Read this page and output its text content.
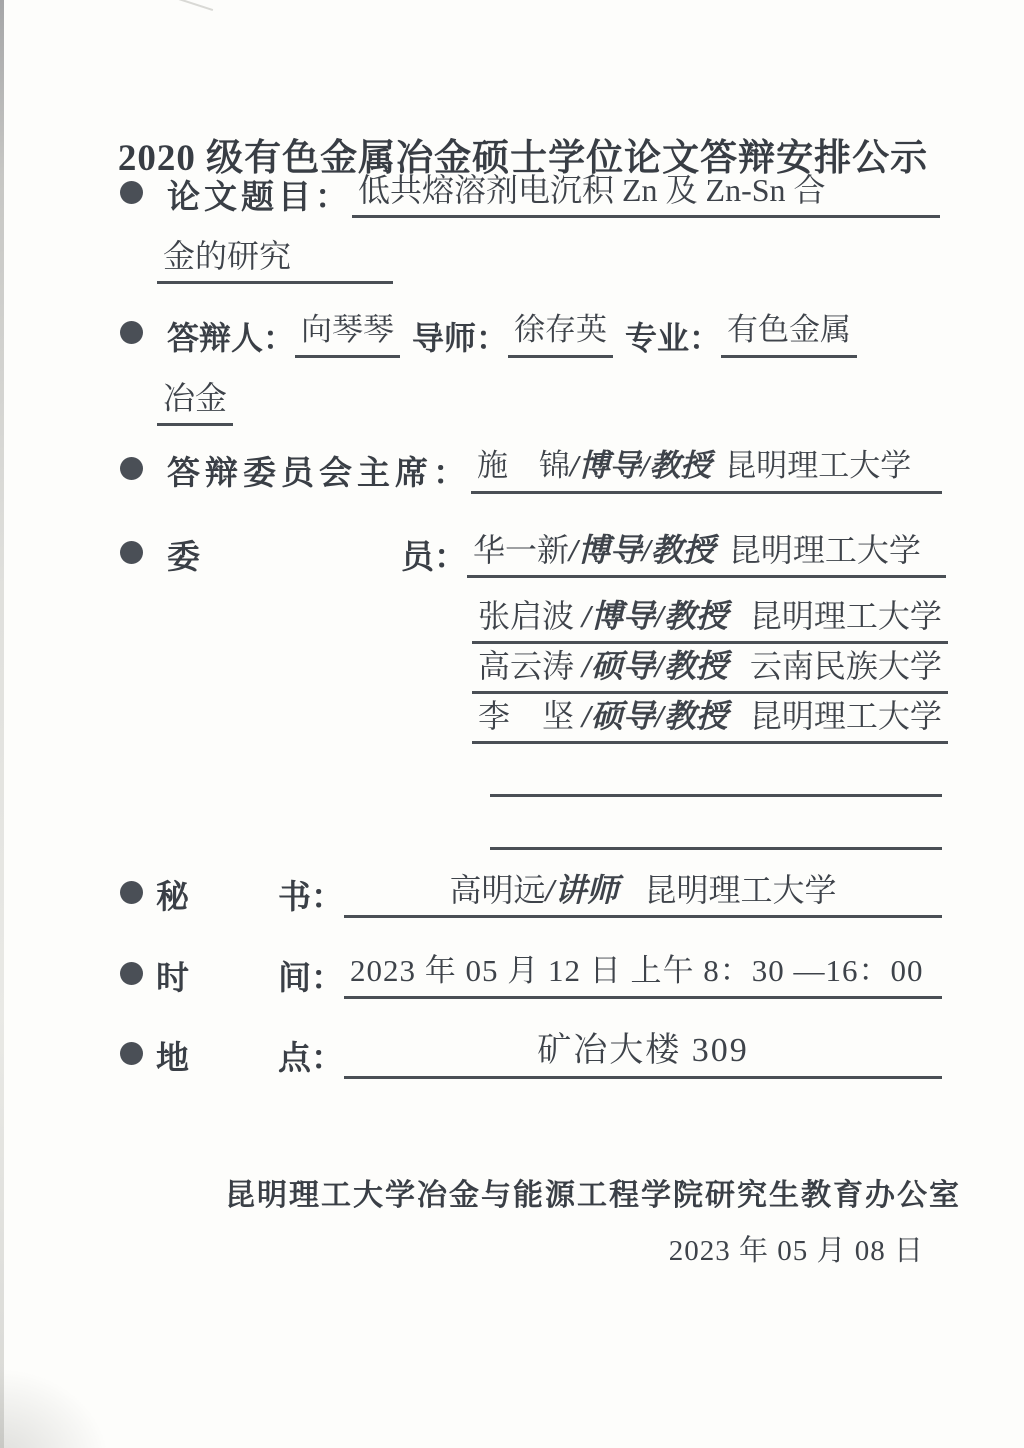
2020 级有色金属冶金硕士学位论文答辩安排公示
论文题目： 低共熔溶剂电沉积 Zn 及 Zn-Sn 合
金的研究
答辩人： 向琴琴 导师： 徐存英 专业： 有色金属
冶金
答辩委员会主席： 施　锦 /博导/教授 昆明理工大学
委	员： 华一新 /博导/教授 昆明理工大学
张启波 /博导/教授 昆明理工大学
高云涛 /硕导/教授 云南民族大学
李　坚 /硕导/教授 昆明理工大学
秘	书：	高明远 /讲师 昆明理工大学
时	间： 2023 年 05 月 12 日 上午 8：30 —16：00
地	点：	矿冶大楼 309
昆明理工大学冶金与能源工程学院研究生教育办公室
2023 年 05 月 08 日
